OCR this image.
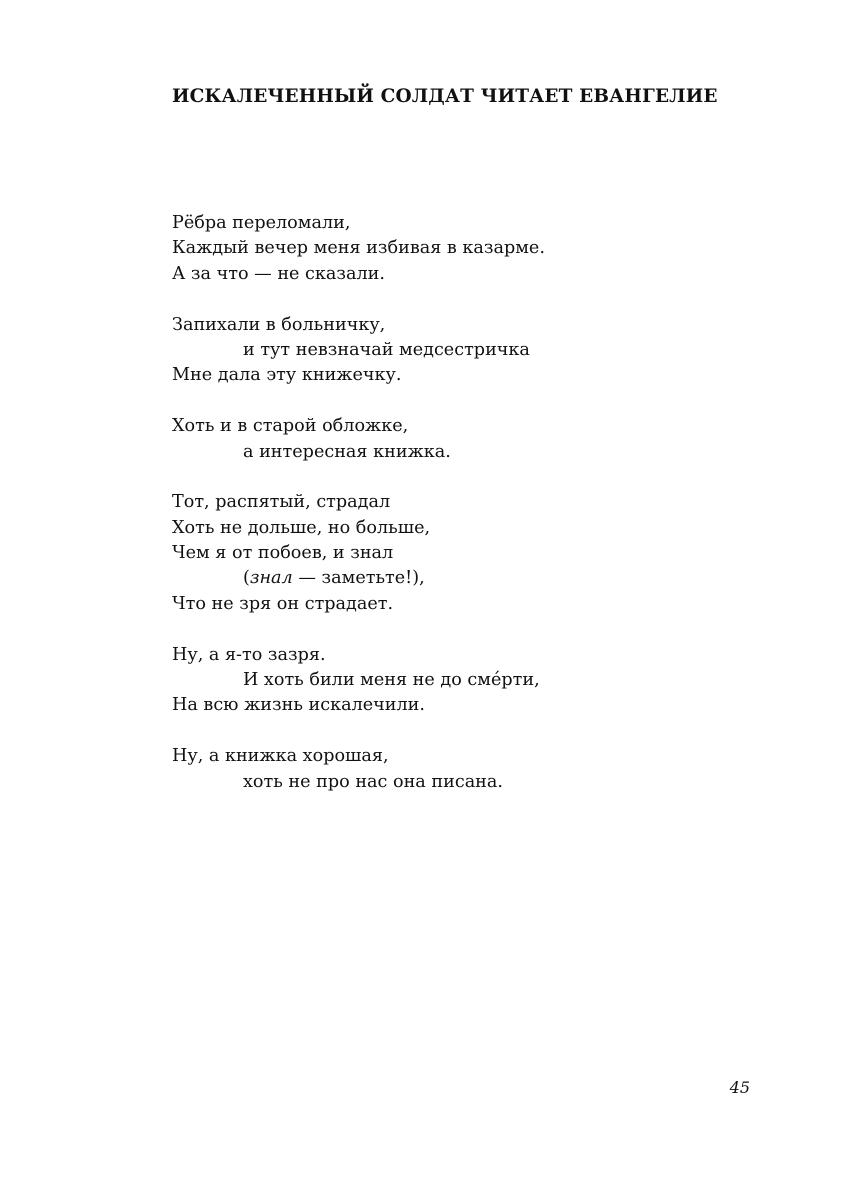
ИСКАЛЕЧЕННЫЙ СОЛДАТ ЧИТАЕТ ЕВАНГЕЛИЕ
Рёбра переломали,
Каждый вечер меня избивая в казарме.
А за что — не сказали.
Запихали в больничку,
и тут невзначай медсестричка
Мне дала эту книжечку.
Хоть и в старой обложке,
а интересная книжка.
Тот, распятый, страдал
Хоть не дольше, но больше,
Чем я от побоев, и знал
(знал — заметьте!),
Что не зря он страдает.
Ну, а я-то зазря.
И хоть били меня не до сме́рти,
На всю жизнь искалечили.
Ну, а книжка хорошая,
хоть не про нас она писана.
45
